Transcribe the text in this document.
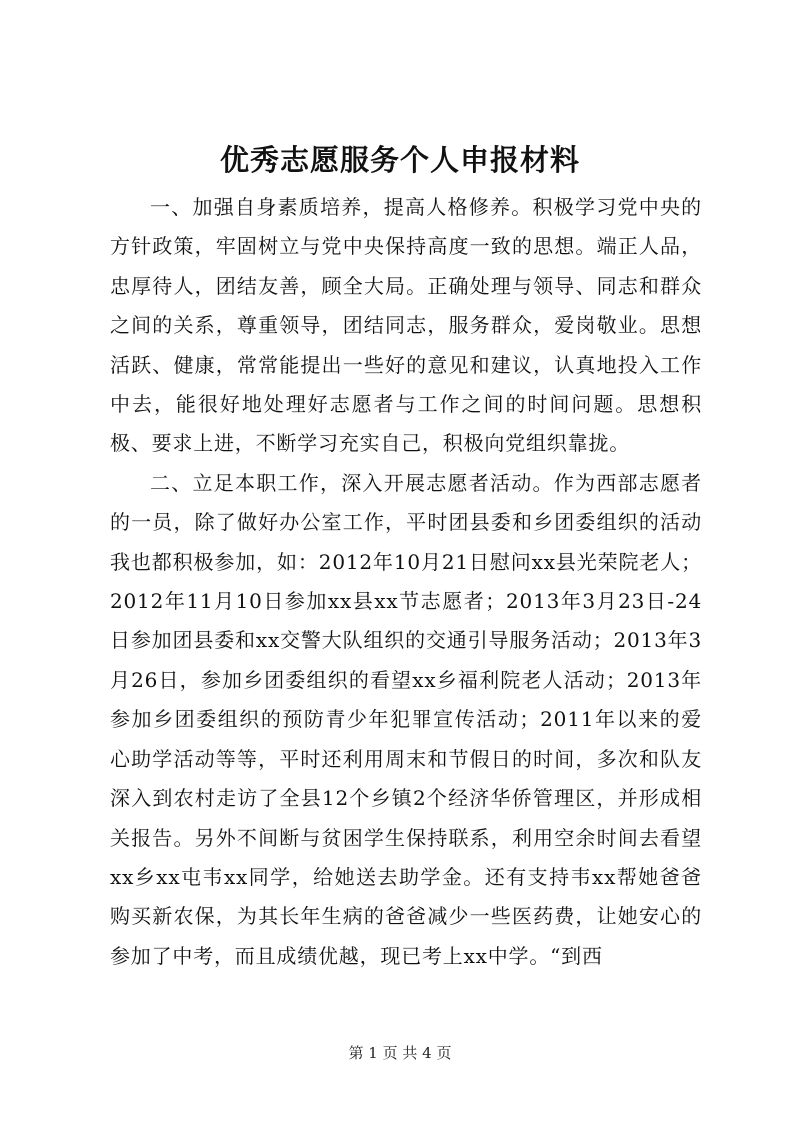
优秀志愿服务个人申报材料

一、加强自身素质培养，提高人格修养。积极学习党中央的方针政策，牢固树立与党中央保持高度一致的思想。端正人品，忠厚待人，团结友善，顾全大局。正确处理与领导、同志和群众之间的关系，尊重领导，团结同志，服务群众，爱岗敬业。思想活跃、健康，常常能提出一些好的意见和建议，认真地投入工作中去，能很好地处理好志愿者与工作之间的时间问题。思想积极、要求上进，不断学习充实自己，积极向党组织靠拢。

二、立足本职工作，深入开展志愿者活动。作为西部志愿者的一员，除了做好办公室工作，平时团县委和乡团委组织的活动我也都积极参加，如：2012年10月21日慰问xx县光荣院老人；2012年11月10日参加xx县xx节志愿者；2013年3月23日-24日参加团县委和xx交警大队组织的交通引导服务活动；2013年3月26日，参加乡团委组织的看望xx乡福利院老人活动；2013年参加乡团委组织的预防青少年犯罪宣传活动；2011年以来的爱心助学活动等等，平时还利用周末和节假日的时间，多次和队友深入到农村走访了全县12个乡镇2个经济华侨管理区，并形成相关报告。另外不间断与贫困学生保持联系，利用空余时间去看望xx乡xx屯韦xx同学，给她送去助学金。还有支持韦xx帮她爸爸购买新农保，为其长年生病的爸爸减少一些医药费，让她安心的参加了中考，而且成绩优越，现已考上xx中学。“到西

第 1 页 共 4 页
